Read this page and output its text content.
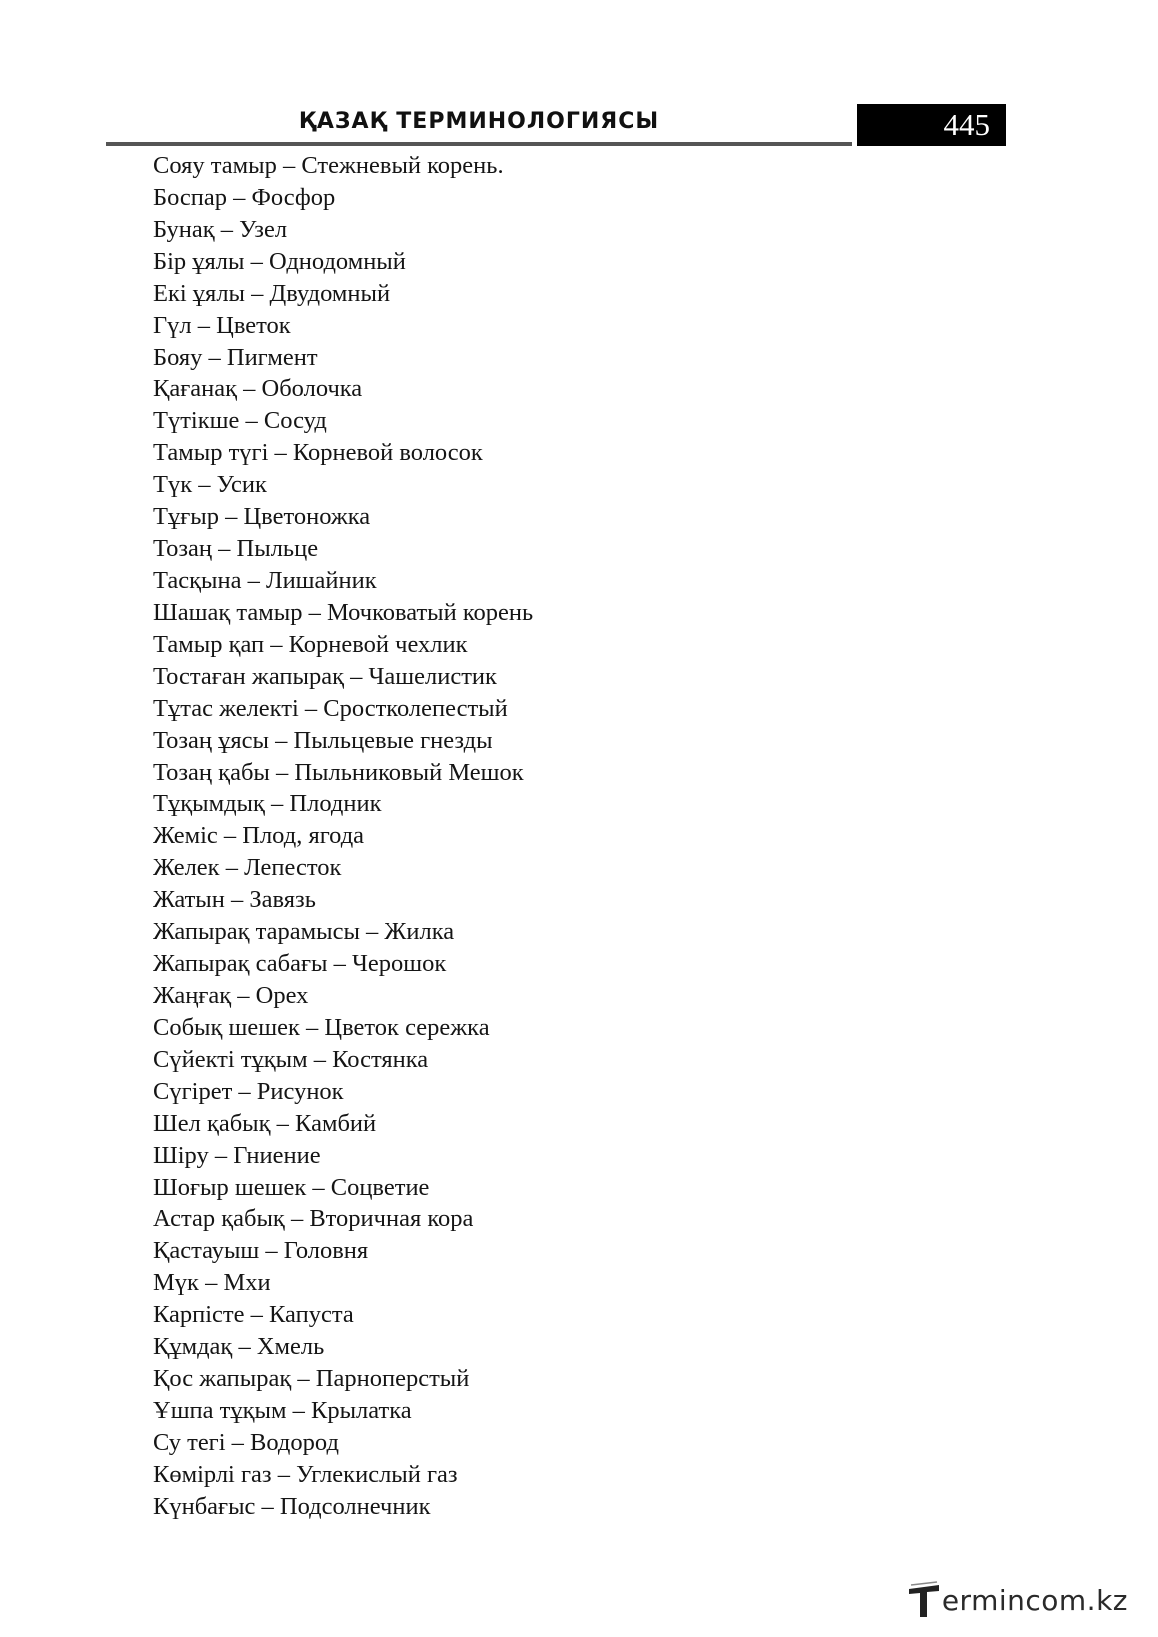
ҚАЗАҚ ТЕРМИНОЛОГИЯСЫ	445
Сояу тамыр – Стежневый корень.
Боспар – Фосфор
Бунақ – Узел
Бір ұялы – Однодомный
Екі ұялы – Двудомный
Гүл – Цветок
Бояу – Пигмент
Қағанақ – Оболочка
Түтікше – Сосуд
Тамыр түгі – Корневой волосок
Түк – Усик
Тұғыр – Цветоножка
Тозаң – Пыльце
Тасқына – Лишайник
Шашақ тамыр – Мочковатый корень
Тамыр қап – Корневой чехлик
Тостаған жапырақ – Чашелистик
Тұтас желекті – Сростколепестый
Тозаң ұясы – Пыльцевые гнезды
Тозаң қабы – Пыльниковый Мешок
Тұқымдық – Плодник
Жеміс – Плод, ягода
Желек – Лепесток
Жатын – Завязь
Жапырақ тарамысы – Жилка
Жапырақ сабағы – Черошок
Жаңғақ – Орех
Собық шешек – Цветок сережка
Сүйекті тұқым – Костянка
Сүгірет – Рисунок
Шел қабық – Камбий
Шіру – Гниение
Шоғыр шешек – Соцветие
Астар қабық – Вторичная кора
Қастауыш – Головня
Мүк – Мхи
Карпісте – Капуста
Құмдақ – Хмель
Қос жапырақ – Парноперстый
Ұшпа тұқым – Крылатка
Су тегі – Водород
Көмірлі газ – Углекислый газ
Күнбағыс – Подсолнечник
ermincom.kz
